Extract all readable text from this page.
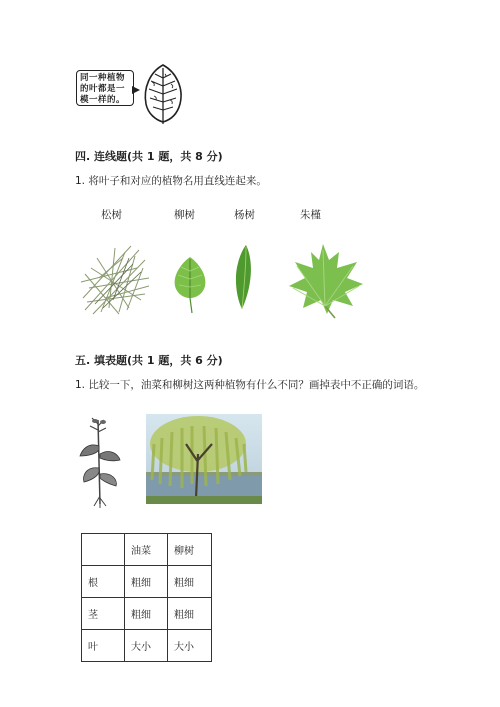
同一种植物
的叶都是一
模一样的。
四. 连线题(共 1 题，共 8 分)
1. 将叶子和对应的植物名用直线连起来。
松树	柳树	杨树	朱槿
五. 填表题(共 1 题，共 6 分)
1. 比较一下，油菜和柳树这两种植物有什么不同？画掉表中不正确的词语。
	油菜	柳树
根	粗细	粗细
茎	粗细	粗细
叶	大小	大小
